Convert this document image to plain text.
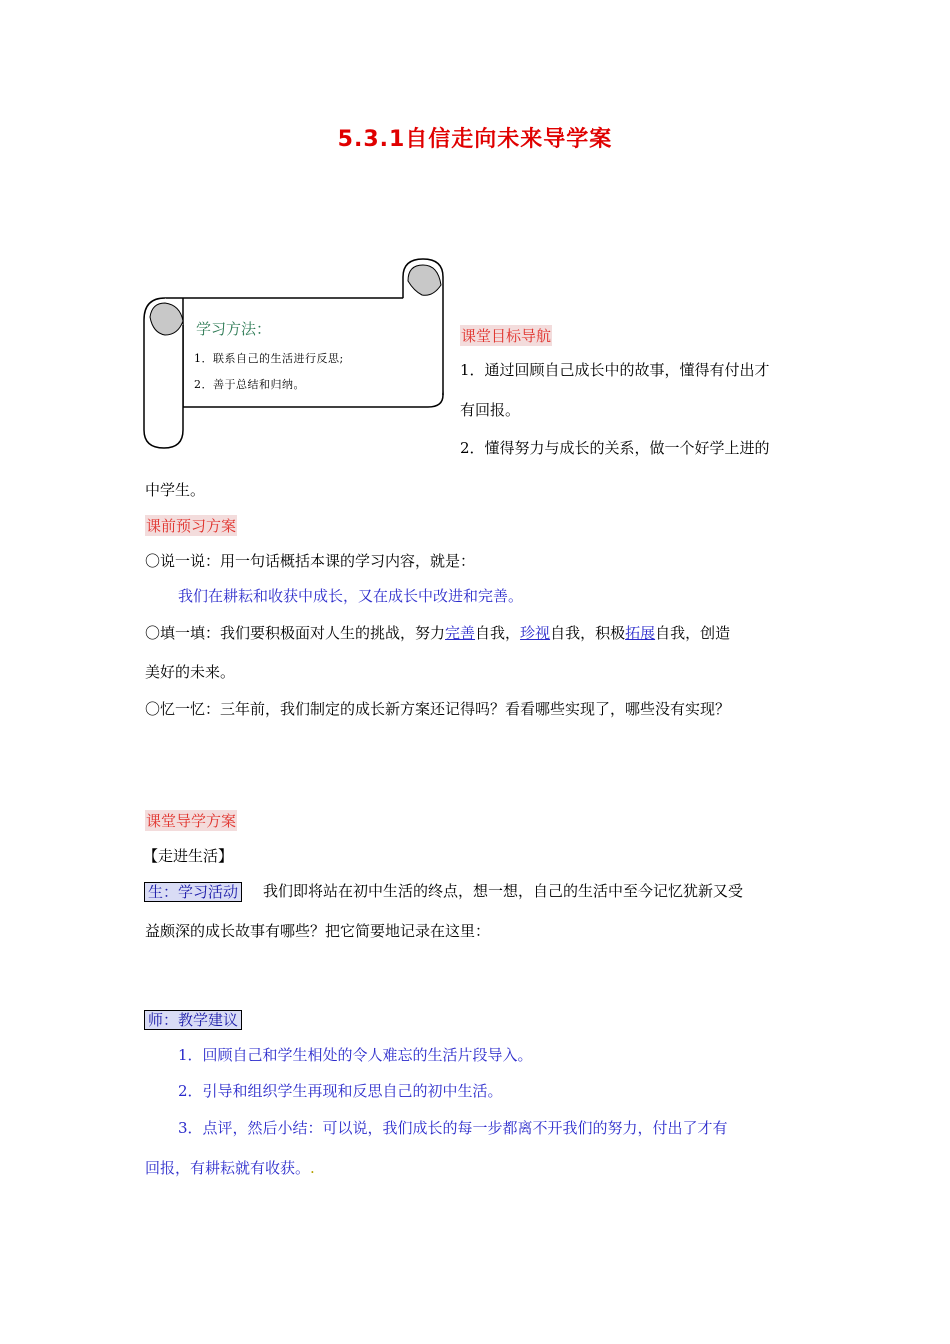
5.3.1自信走向未来导学案
学习方法：
1．联系自己的生活进行反思;
2．善于总结和归纳。
课堂目标导航
1．通过回顾自己成长中的故事，懂得有付出才
有回报。
2．懂得努力与成长的关系，做一个好学上进的
中学生。
课前预习方案
〇说一说：用一句话概括本课的学习内容，就是：
我们在耕耘和收获中成长，又在成长中改进和完善。
〇填一填：我们要积极面对人生的挑战，努力完善自我，珍视自我，积极拓展自我，创造
美好的未来。
〇忆一忆：三年前，我们制定的成长新方案还记得吗？看看哪些实现了，哪些没有实现？
课堂导学方案
【走进生活】
生：学习活动 我们即将站在初中生活的终点，想一想，自己的生活中至今记忆犹新又受
益颇深的成长故事有哪些？把它简要地记录在这里：
师：教学建议
1．回顾自己和学生相处的令人难忘的生活片段导入。
2．引导和组织学生再现和反思自己的初中生活。
3．点评，然后小结：可以说，我们成长的每一步都离不开我们的努力，付出了才有
回报，有耕耘就有收获。.
